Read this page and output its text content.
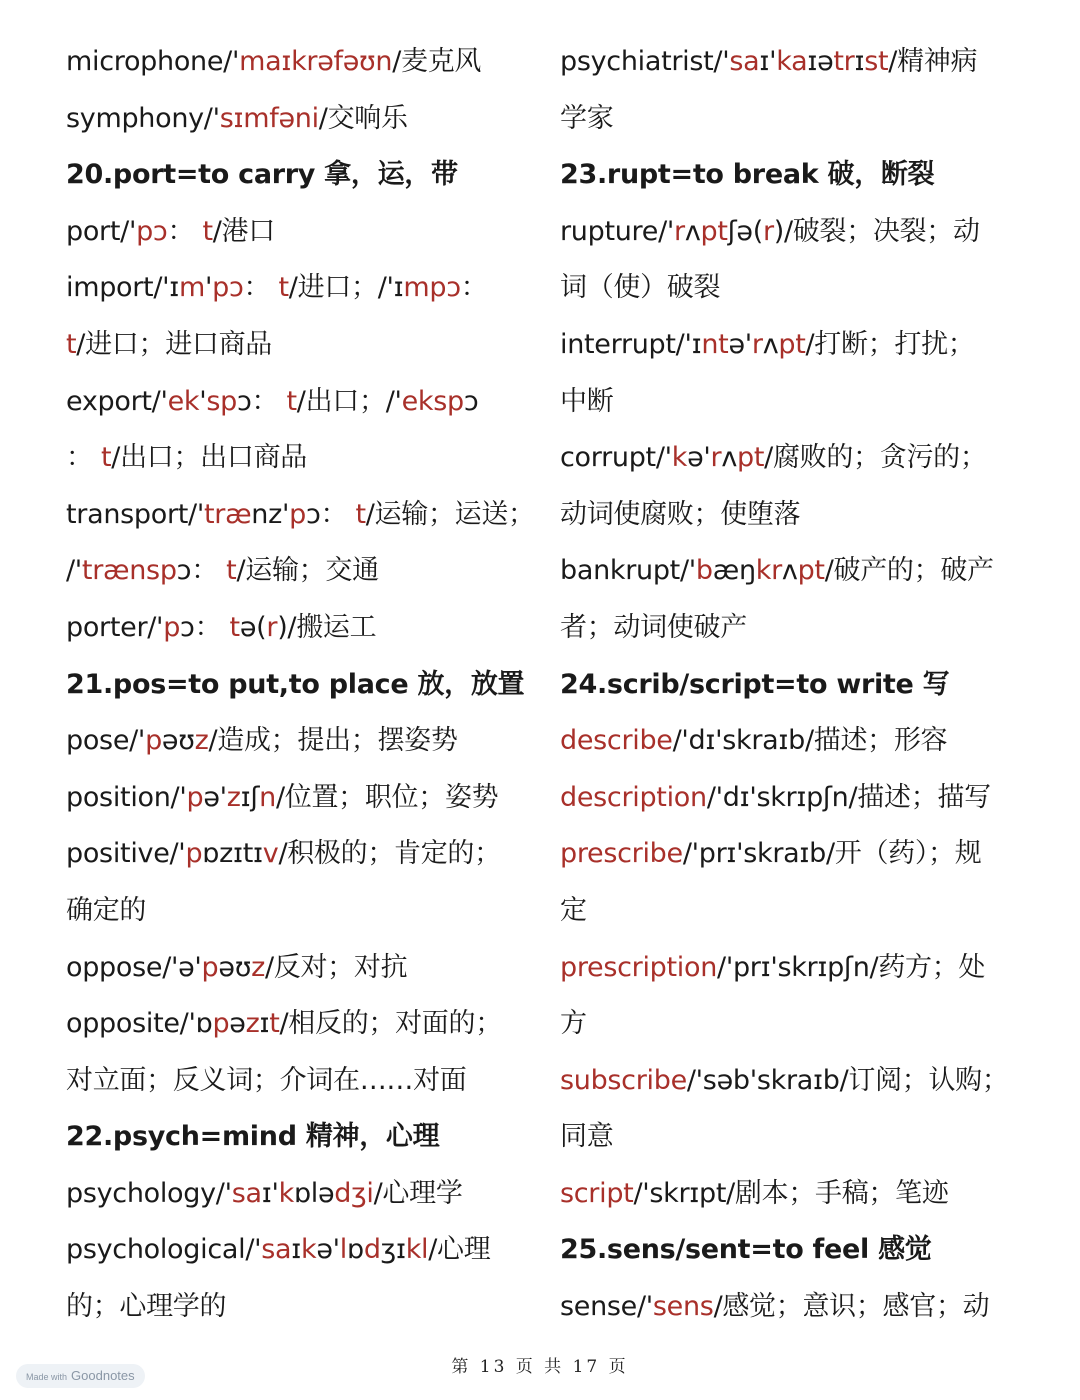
microphone/'maɪkrəfəʊn/麦克风
symphony/'sɪmfəni/交响乐
20.port=to carry 拿，运，带
port/'pɔ： t/港口
import/'ɪm'pɔ： t/进口；/'ɪmpɔ：
t/进口；进口商品
export/'ek'spɔ： t/出口；/'ekspɔ
： t/出口；出口商品
transport/'trænz'pɔ： t/运输；运送；
/'trænspɔ： t/运输；交通
porter/'pɔ： tə(r)/搬运工
21.pos=to put,to place 放，放置
pose/'pəʊz/造成；提出；摆姿势
position/'pə'zɪʃn/位置；职位；姿势
positive/'pɒzɪtɪv/积极的；肯定的；
确定的
oppose/'ə'pəʊz/反对；对抗
opposite/'ɒpəzɪt/相反的；对面的；
对立面；反义词；介词在……对面
22.psych=mind 精神，心理
psychology/'saɪ'kɒlədʒi/心理学
psychological/'saɪkə'lɒdʒɪkl/心理
的；心理学的
psychiatrist/'saɪ'kaɪətrɪst/精神病
学家
23.rupt=to break 破，断裂
rupture/'rʌptʃə(r)/破裂；决裂；动
词（使）破裂
interrupt/'ɪntə'rʌpt/打断；打扰；
中断
corrupt/'kə'rʌpt/腐败的；贪污的；
动词使腐败；使堕落
bankrupt/'bæŋkrʌpt/破产的；破产
者；动词使破产
24.scrib/script=to write 写
describe/'dɪ'skraɪb/描述；形容
description/'dɪ'skrɪpʃn/描述；描写
prescribe/'prɪ'skraɪb/开（药）；规
定
prescription/'prɪ'skrɪpʃn/药方；处
方
subscribe/'səb'skraɪb/订阅；认购；
同意
script/'skrɪpt/剧本；手稿；笔迹
25.sens/sent=to feel 感觉
sense/'sens/感觉；意识；感官；动
第 13 页 共 17 页
Made with Goodnotes
